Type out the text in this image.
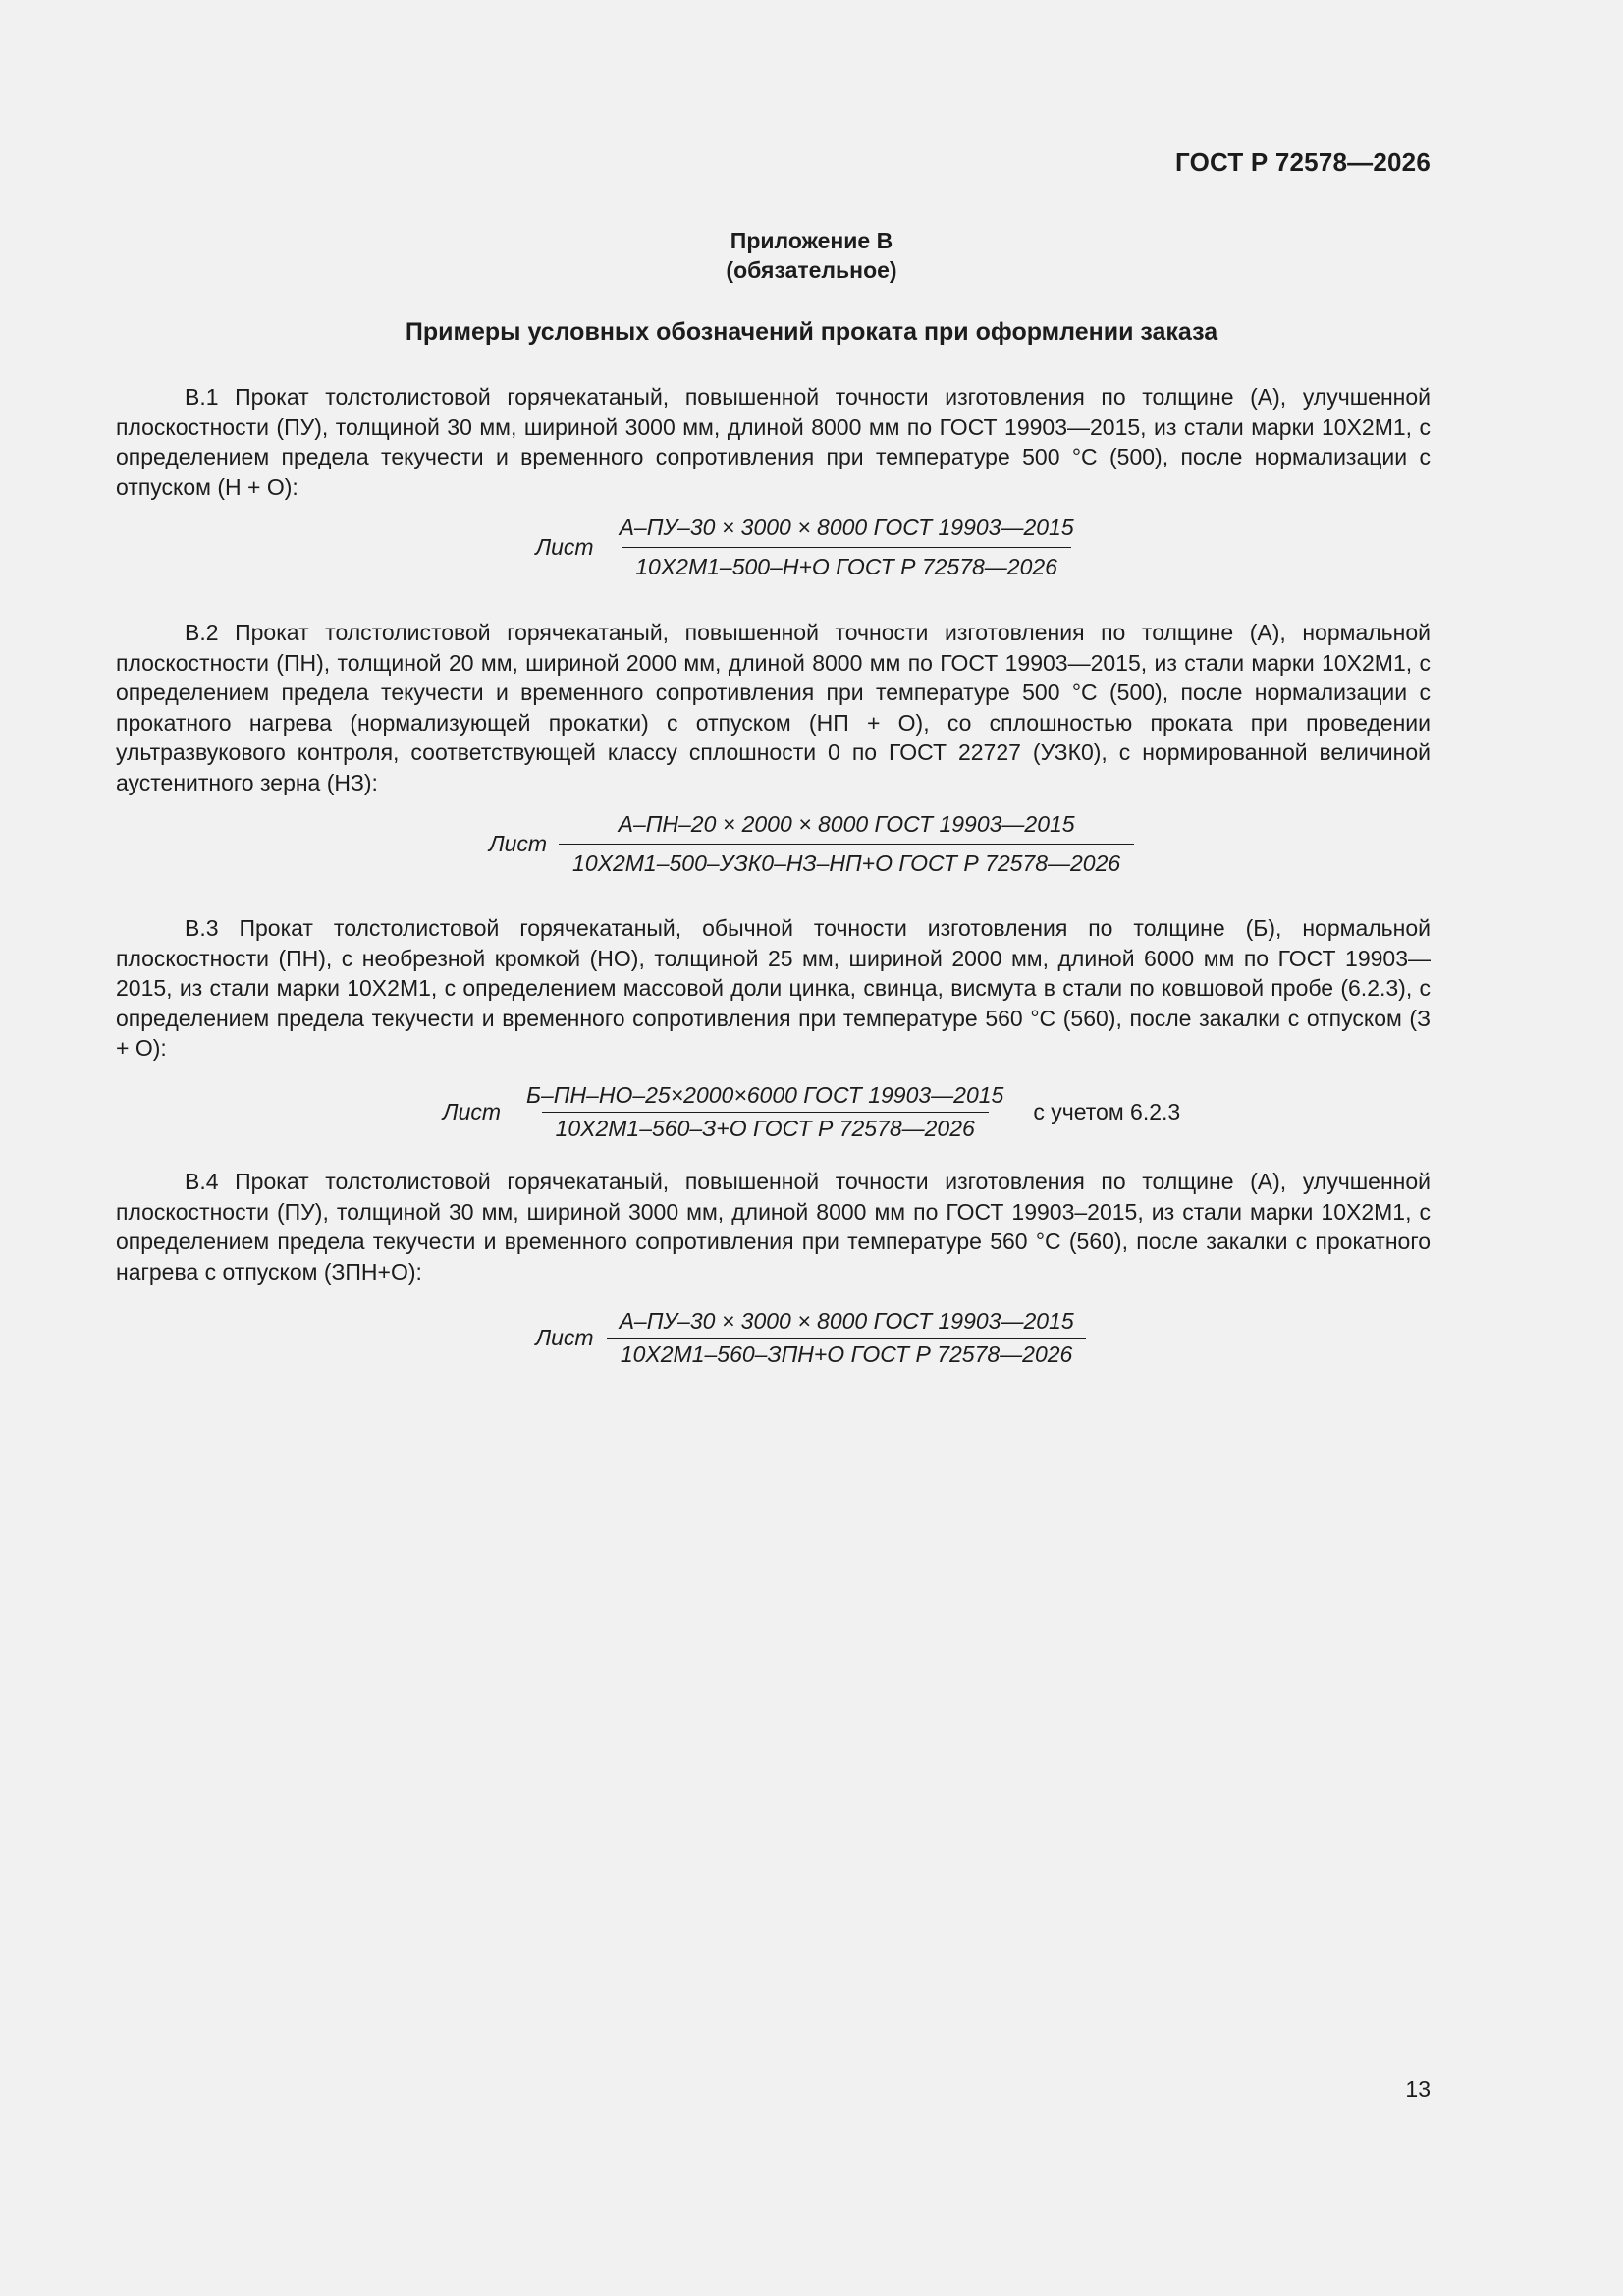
ГОСТ Р 72578—2026
Приложение В
(обязательное)
Примеры условных обозначений проката при оформлении заказа

В.1 Прокат толстолистовой горячекатаный, повышенной точности изготовления по толщине (А), улучшенной плоскостности (ПУ), толщиной 30 мм, шириной 3000 мм, длиной 8000 мм по ГОСТ 19903—2015, из стали марки 10Х2М1, с определением предела текучести и временного сопротивления при температуре 500 °С (500), после нормализации с отпуском (Н + О):

Лист $\frac{\text{А–ПУ–30 × 3000 × 8000 ГОСТ 19903—2015}}{\text{10Х2М1–500–Н+О ГОСТ Р 72578—2026}}$

В.2 Прокат толстолистовой горячекатаный, повышенной точности изготовления по толщине (А), нормальной плоскостности (ПН), толщиной 20 мм, шириной 2000 мм, длиной 8000 мм по ГОСТ 19903—2015, из стали марки 10Х2М1, с определением предела текучести и временного сопротивления при температуре 500 °С (500), после нормализации с прокатного нагрева (нормализующей прокатки) с отпуском (НП + О), со сплошностью проката при проведении ультразвукового контроля, соответствующей классу сплошности 0 по ГОСТ 22727 (УЗК0), с нормированной величиной аустенитного зерна (НЗ):

Лист $\frac{\text{А–ПН–20 × 2000 × 8000 ГОСТ 19903—2015}}{\text{10Х2М1–500–УЗК0–НЗ–НП+О ГОСТ Р 72578—2026}}$

В.3 Прокат толстолистовой горячекатаный, обычной точности изготовления по толщине (Б), нормальной плоскостности (ПН), с необрезной кромкой (НО), толщиной 25 мм, шириной 2000 мм, длиной 6000 мм по ГОСТ 19903—2015, из стали марки 10Х2М1, с определением массовой доли цинка, свинца, висмута в стали по ковшовой пробе (6.2.3), с определением предела текучести и временного сопротивления при температуре 560 °С (560), после закалки с отпуском (З + О):

Лист $\frac{\text{Б–ПН–НО–25×2000×6000 ГОСТ 19903—2015}}{\text{10Х2М1–560–З+О ГОСТ Р 72578—2026}}$ с учетом 6.2.3

В.4 Прокат толстолистовой горячекатаный, повышенной точности изготовления по толщине (А), улучшенной плоскостности (ПУ), толщиной 30 мм, шириной 3000 мм, длиной 8000 мм по ГОСТ 19903–2015, из стали марки 10Х2М1, с определением предела текучести и временного сопротивления при температуре 560 °С (560), после закалки с прокатного нагрева с отпуском (ЗПН+О):

Лист $\frac{\text{А–ПУ–30 × 3000 × 8000 ГОСТ 19903—2015}}{\text{10Х2М1–560–ЗПН+О ГОСТ Р 72578—2026}}$
13
